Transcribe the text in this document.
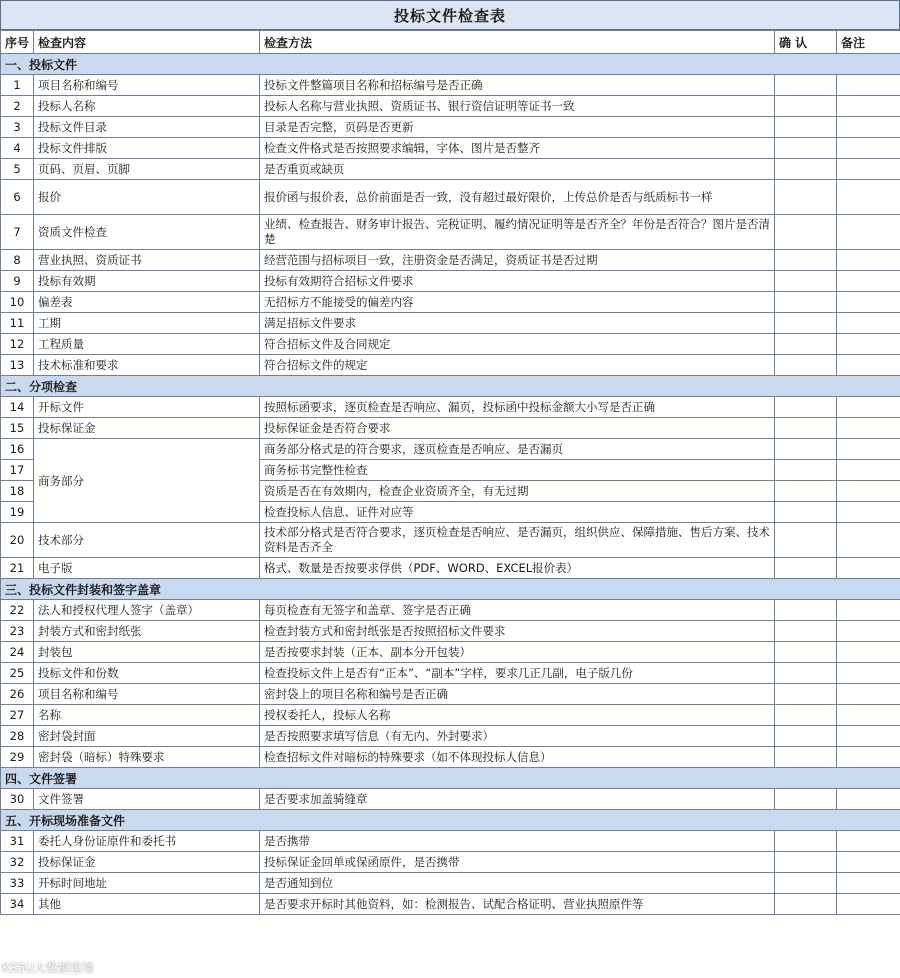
投标文件检查表
序号	检查内容	检查方法	确 认	备注
一、投标文件				
1	项目名称和编号	投标文件整篇项目名称和招标编号是否正确		
2	投标人名称	投标人名称与营业执照、资质证书、银行资信证明等证书一致		
3	投标文件目录	目录是否完整，页码是否更新		
4	投标文件排版	检查文件格式是否按照要求编辑，字体、图片是否整齐		
5	页码、页眉、页脚	是否重页或缺页		
6	报价	报价函与报价表，总价前面是否一致，没有超过最好限价，上传总价是否与纸质标书一样		
7	资质文件检查	业绩、检查报告、财务审计报告、完税证明、履约情况证明等是否齐全？年份是否符合？图片是否清楚		
8	营业执照、资质证书	经营范围与招标项目一致，注册资金是否满足，资质证书是否过期		
9	投标有效期	投标有效期符合招标文件要求		
10	偏差表	无招标方不能接受的偏差内容		
11	工期	满足招标文件要求		
12	工程质量	符合招标文件及合同规定		
13	技术标准和要求	符合招标文件的规定		
二、分项检查				
14	开标文件	按照标函要求，逐页检查是否响应、漏页，投标函中投标金额大小写是否正确		
15	投标保证金	投标保证金是否符合要求		
16	商务部分	商务部分格式是的符合要求，逐页检查是否响应、是否漏页		
17		商务标书完整性检查		
18		资质是否在有效期内，检查企业资质齐全，有无过期		
19		检查投标人信息、证件对应等		
20	技术部分	技术部分格式是否符合要求，逐页检查是否响应、是否漏页，组织供应、保障措施、售后方案、技术资料是否齐全		
21	电子版	格式、数量是否按要求俘供（PDF、WORD、EXCEL报价表）		
三、投标文件封装和签字盖章				
22	法人和授权代理人签字（盖章）	每页检查有无签字和盖章、签字是否正确		
23	封装方式和密封纸张	检查封装方式和密封纸张是否按照招标文件要求		
24	封装包	是否按要求封装（正本、副本分开包装）		
25	投标文件和份数	检查投标文件上是否有“正本”、“副本”字样，要求几正几副，电子版几份		
26	项目名称和编号	密封袋上的项目名称和编号是否正确		
27	名称	授权委托人，投标人名称		
28	密封袋封面	是否按照要求填写信息（有无内、外封要求）		
29	密封袋（暗标）特殊要求	检查招标文件对暗标的特殊要求（如不体现投标人信息）		
四、文件签署				
30	文件签署	是否要求加盖骑缝章		
五、开标现场准备文件				
31	委托人身份证原件和委托书	是否携带		
32	投标保证金	投标保证金回单或保函原件，是否携带		
33	开标时间地址	是否通知到位		
34	其他	是否要求开标时其他资料，如：检测报告、试配合格证明、营业执照原件等		
KS5U大数据追境
